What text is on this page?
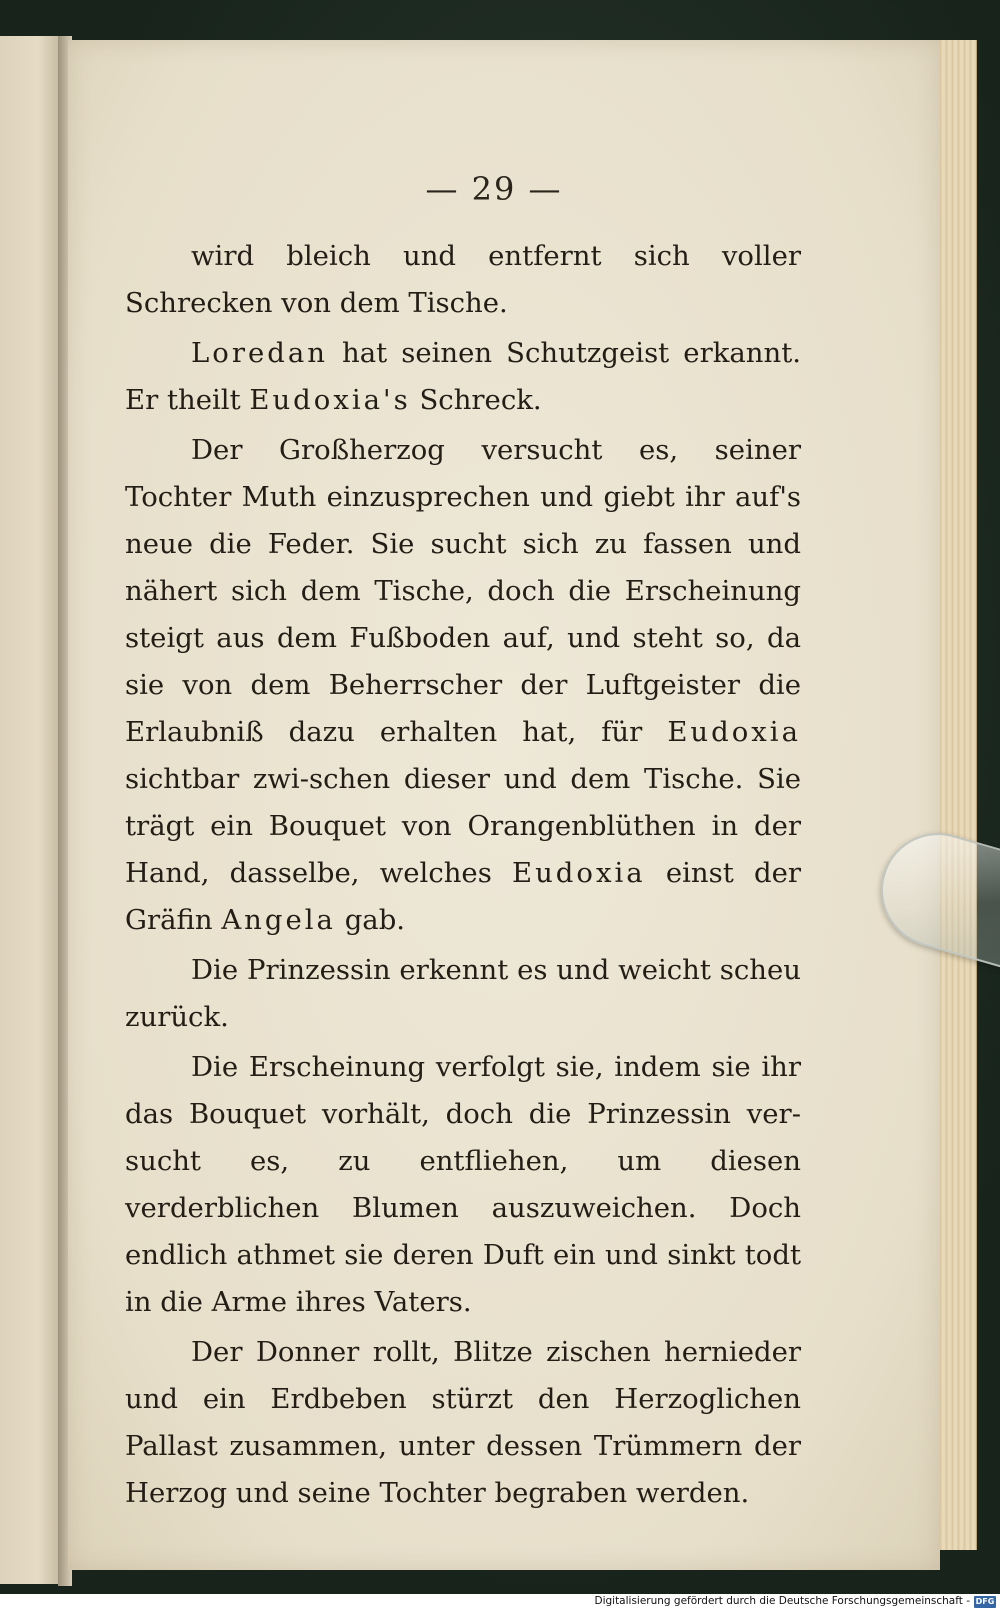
— 29 —

wird bleich und entfernt sich voller Schrecken von dem Tische.

Loredan hat seinen Schutzgeist erkannt. Er theilt Eudoxia's Schreck.

Der Großherzog versucht es, seiner Tochter Muth einzusprechen und giebt ihr auf's neue die Feder. Sie sucht sich zu fassen und nähert sich dem Tische, doch die Erscheinung steigt aus dem Fußboden auf, und steht so, da sie von dem Beherrscher der Luftgeister die Erlaubniß dazu erhalten hat, für Eudoxia sichtbar zwi-schen dieser und dem Tische. Sie trägt ein Bouquet von Orangenblüthen in der Hand, dasselbe, welches Eudoxia einst der Gräfin Angela gab.

Die Prinzessin erkennt es und weicht scheu zurück.

Die Erscheinung verfolgt sie, indem sie ihr das Bouquet vorhält, doch die Prinzessin ver-sucht es, zu entfliehen, um diesen verderblichen Blumen auszuweichen. Doch endlich athmet sie deren Duft ein und sinkt todt in die Arme ihres Vaters.

Der Donner rollt, Blitze zischen hernieder und ein Erdbeben stürzt den Herzoglichen Pallast zusammen, unter dessen Trümmern der Herzog und seine Tochter begraben werden.

Digitalisierung gefördert durch die Deutsche Forschungsgemeinschaft - DFG
